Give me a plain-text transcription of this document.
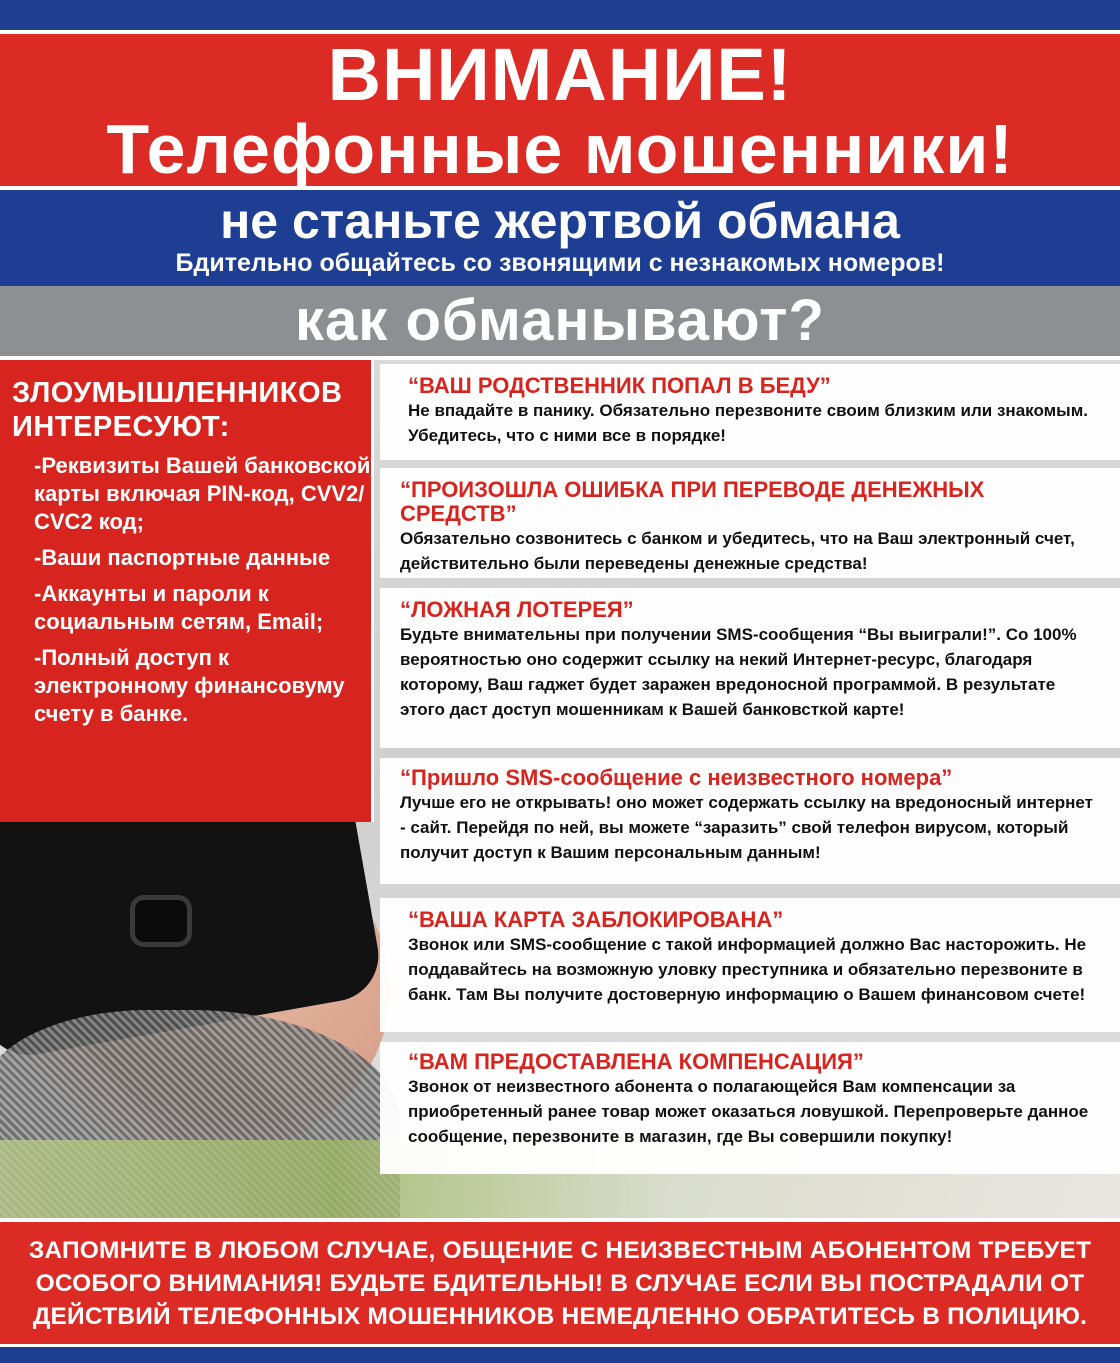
ВНИМАНИЕ!
Телефонные мошенники!
не станьте жертвой обмана
Бдительно общайтесь со звонящими с незнакомых номеров!
как обманывают?
ЗЛОУМЫШЛЕННИКОВ
ИНТЕРЕСУЮТ:
-Реквизиты Вашей банковской карты включая PIN-код, CVV2/ CVC2 код;
-Ваши паспортные данные
-Аккаунты и пароли к социальным сетям, Email;
-Полный доступ к электронному финансовуму счету в банке.
“ВАШ РОДСТВЕННИК ПОПАЛ В БЕДУ”
Не впадайте в панику. Обязательно перезвоните своим близким или знакомым. Убедитесь, что с ними все в порядке!
“ПРОИЗОШЛА ОШИБКА ПРИ ПЕРЕВОДЕ ДЕНЕЖНЫХ СРЕДСТВ”
Обязательно созвонитесь с банком и убедитесь, что на Ваш электронный счет, действительно были переведены денежные средства!
“ЛОЖНАЯ ЛОТЕРЕЯ”
Будьте внимательны при получении SMS-сообщения “Вы выиграли!”. Со 100% вероятностью оно содержит ссылку на некий Интернет-ресурс, благодаря которому, Ваш гаджет будет заражен вредоносной программой. В результате этого даст доступ мошенникам к Вашей банковсткой карте!
“Пришло SMS-сообщение с неизвестного номера”
Лучше его не открывать! оно может содержать ссылку на вредоносный интернет - сайт. Перейдя по ней, вы можете “заразить” свой телефон вирусом, который получит доступ к Вашим персональным данным!
“ВАША КАРТА ЗАБЛОКИРОВАНА”
Звонок или SMS-сообщение с такой информацией должно Вас насторожить. Не поддавайтесь на возможную уловку преступника и обязательно перезвоните в банк. Там Вы получите достоверную информацию о Вашем финансовом счете!
“ВАМ ПРЕДОСТАВЛЕНА КОМПЕНСАЦИЯ”
Звонок от неизвестного абонента о полагающейся Вам компенсации за приобретенный ранее товар может оказаться ловушкой. Перепроверьте данное сообщение, перезвоните в магазин, где Вы совершили покупку!
ЗАПОМНИТЕ В ЛЮБОМ СЛУЧАЕ, ОБЩЕНИЕ С НЕИЗВЕСТНЫМ АБОНЕНТОМ ТРЕБУЕТ ОСОБОГО ВНИМАНИЯ! БУДЬТЕ БДИТЕЛЬНЫ! В СЛУЧАЕ ЕСЛИ ВЫ ПОСТРАДАЛИ ОТ ДЕЙСТВИЙ ТЕЛЕФОННЫХ МОШЕННИКОВ НЕМЕДЛЕННО ОБРАТИТЕСЬ В ПОЛИЦИЮ.
